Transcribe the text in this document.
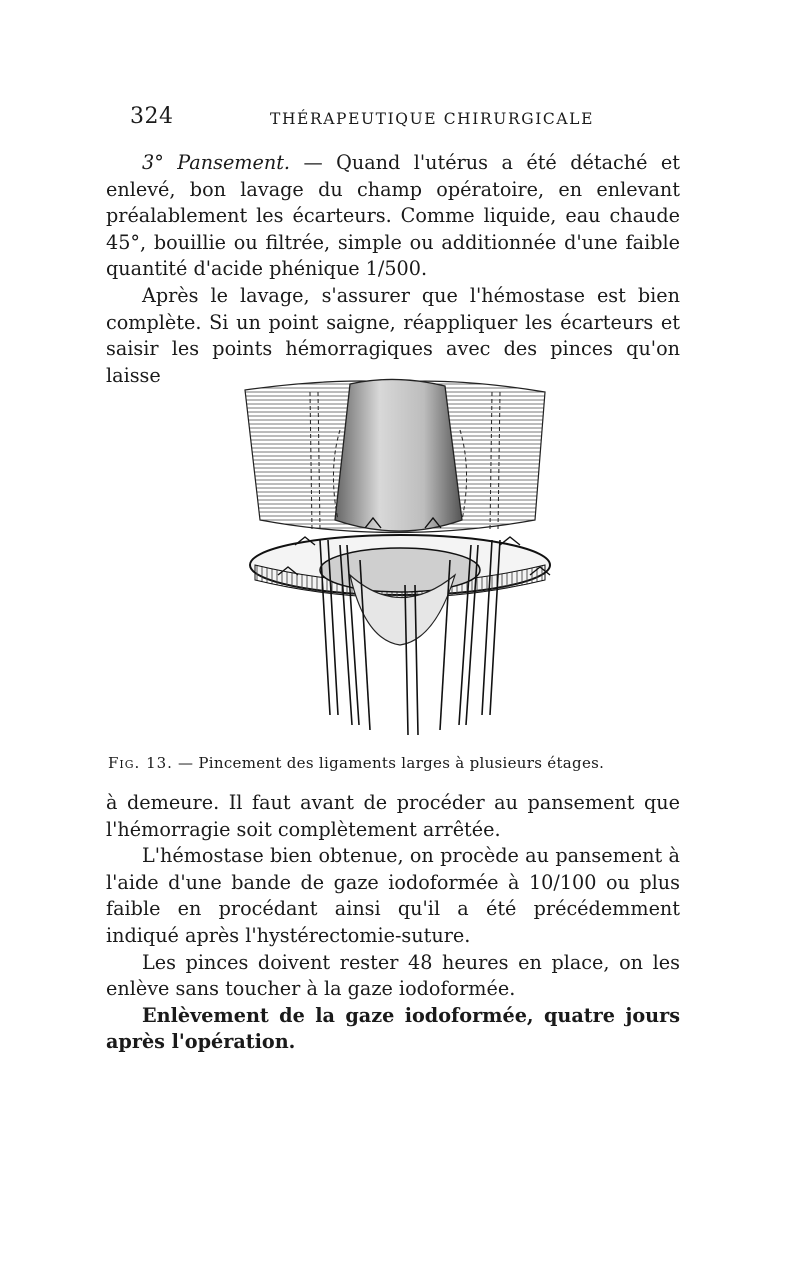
324	THÉRAPEUTIQUE CHIRURGICALE

3° Pansement. — Quand l'utérus a été détaché et enlevé, bon lavage du champ opératoire, en enlevant préalablement les écarteurs. Comme liquide, eau chaude 45°, bouillie ou filtrée, simple ou additionnée d'une faible quantité d'acide phénique 1/500.

Après le lavage, s'assurer que l'hémostase est bien complète. Si un point saigne, réappliquer les écarteurs et saisir les points hémorragiques avec des pinces qu'on laisse

Fig. 13. — Pincement des ligaments larges à plusieurs étages.

à demeure. Il faut avant de procéder au pansement que l'hémorragie soit complètement arrêtée.

L'hémostase bien obtenue, on procède au pansement à l'aide d'une bande de gaze iodoformée à 10/100 ou plus faible en procédant ainsi qu'il a été précédemment indiqué après l'hystérectomie-suture.

Les pinces doivent rester 48 heures en place, on les enlève sans toucher à la gaze iodoformée.

Enlèvement de la gaze iodoformée, quatre jours après l'opération.
